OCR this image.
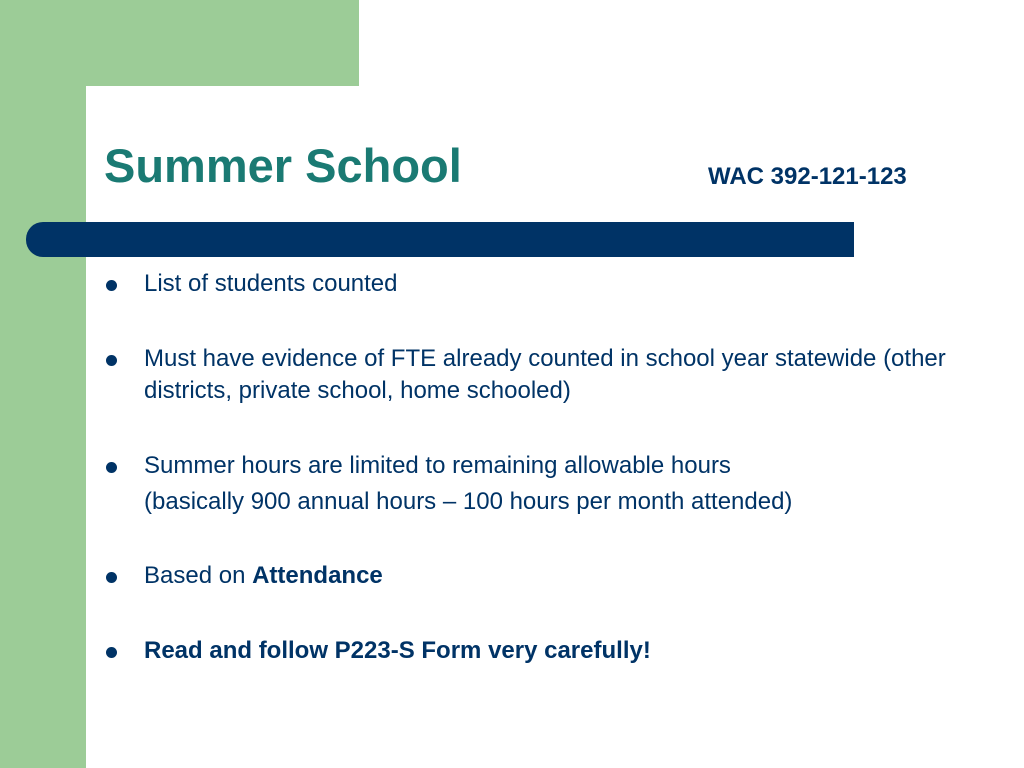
Summer School	WAC 392-121-123
List of students counted
Must have evidence of FTE already counted in school year statewide (other districts, private school, home schooled)
Summer hours are limited to remaining allowable hours
(basically 900 annual hours – 100 hours per month attended)
Based on Attendance
Read and follow P223-S Form very carefully!
